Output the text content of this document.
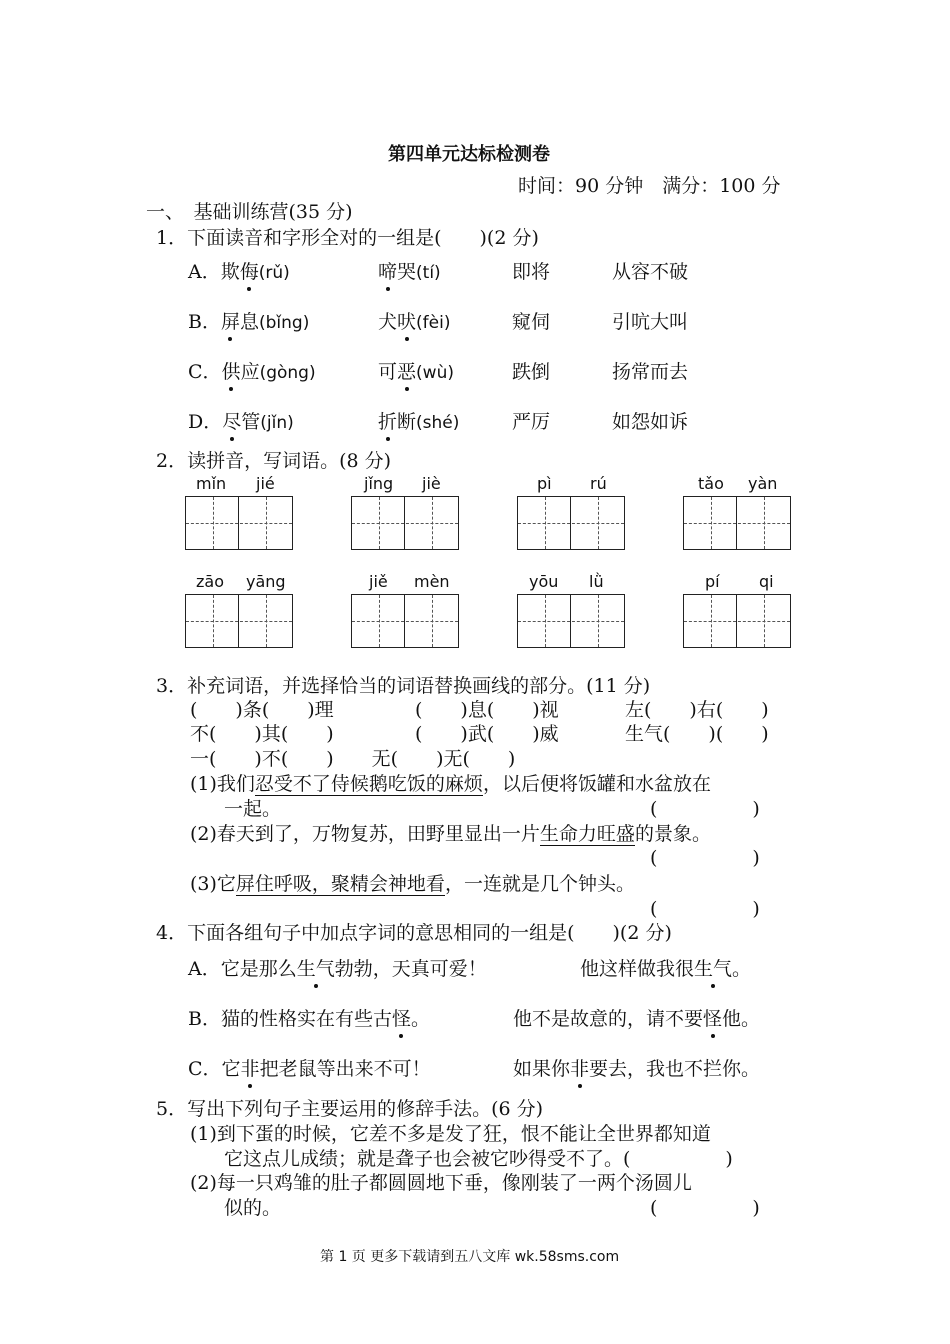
第四单元达标检测卷
时间：90 分钟　满分：100 分
一、　基础训练营(35 分)
1．下面读音和字形全对的一组是(　　)(2 分)
A．欺侮(rǔ)	啼哭(tí)	即将	从容不破
B．屏息(bǐng)	犬吠(fèi)	窥伺	引吭大叫
C．供应(gòng)	可恶(wù)	跌倒	扬常而去
D．尽管(jǐn)	折断(shé)	严厉	如怨如诉
2．读拼音，写词语。(8 分)
mǐn jié	jǐng jiè	pì rú	tǎo yàn
zāo yāng	jiě mèn	yōu lǜ	pí qi
3．补充词语，并选择恰当的词语替换画线的部分。(11 分)
(　　)条(　　)理	(　　)息(　　)视	左(　　)右(　　)
不(　　)其(　　)	(　　)武(　　)威	生气(　　)(　　)
一(　　)不(　　)　　无(　　)无(　　)
(1)我们忍受不了侍候鹅吃饭的麻烦，以后便将饭罐和水盆放在
一起。	(　　　　　)
(2)春天到了，万物复苏，田野里显出一片生命力旺盛的景象。
(　　　　　)
(3)它屏住呼吸，聚精会神地看，一连就是几个钟头。
(　　　　　)
4．下面各组句子中加点字词的意思相同的一组是(　　)(2 分)
A．它是那么生气勃勃，天真可爱！	他这样做我很生气。
B．猫的性格实在有些古怪。	他不是故意的，请不要怪他。
C．它非把老鼠等出来不可！	如果你非要去，我也不拦你。
5．写出下列句子主要运用的修辞手法。(6 分)
(1)到下蛋的时候，它差不多是发了狂，恨不能让全世界都知道
它这点儿成绩；就是聋子也会被它吵得受不了。(　　　　　)
(2)每一只鸡雏的肚子都圆圆地下垂，像刚装了一两个汤圆儿
似的。	(　　　　　)
第 1 页 更多下载请到五八文库 wk.58sms.com
